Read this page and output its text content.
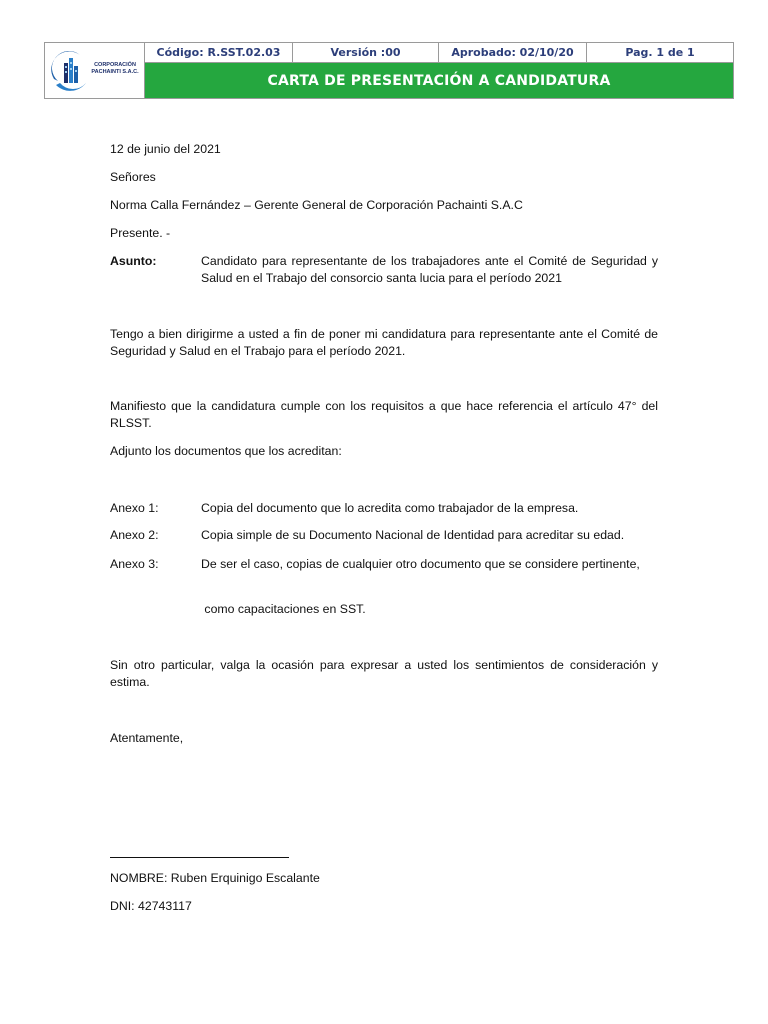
CORPORACIÓN
PACHAINTI S.A.C.
Código: R.SST.02.03	Versión :00	Aprobado: 02/10/20	Pag. 1 de 1
CARTA DE PRESENTACIÓN A CANDIDATURA
12 de junio del 2021
Señores
Norma Calla Fernández – Gerente General de Corporación Pachainti S.A.C
Presente. -
Asunto:	Candidato para representante de los trabajadores ante el Comité de Seguridad y Salud en el Trabajo del consorcio santa lucia para el período 2021
Tengo a bien dirigirme a usted a fin de poner mi candidatura para representante ante el Comité de Seguridad y Salud en el Trabajo para el período 2021.
Manifiesto que la candidatura cumple con los requisitos a que hace referencia el artículo 47° del RLSST.
Adjunto los documentos que los acreditan:
Anexo 1:	Copia del documento que lo acredita como trabajador de la empresa.
Anexo 2:	Copia simple de su Documento Nacional de Identidad para acreditar su edad.
Anexo 3:	De ser el caso, copias de cualquier otro documento que se considere pertinente,
como capacitaciones en SST.
Sin otro particular, valga la ocasión para expresar a usted los sentimientos de consideración y estima.
Atentamente,
NOMBRE: Ruben Erquinigo Escalante
DNI: 42743117
